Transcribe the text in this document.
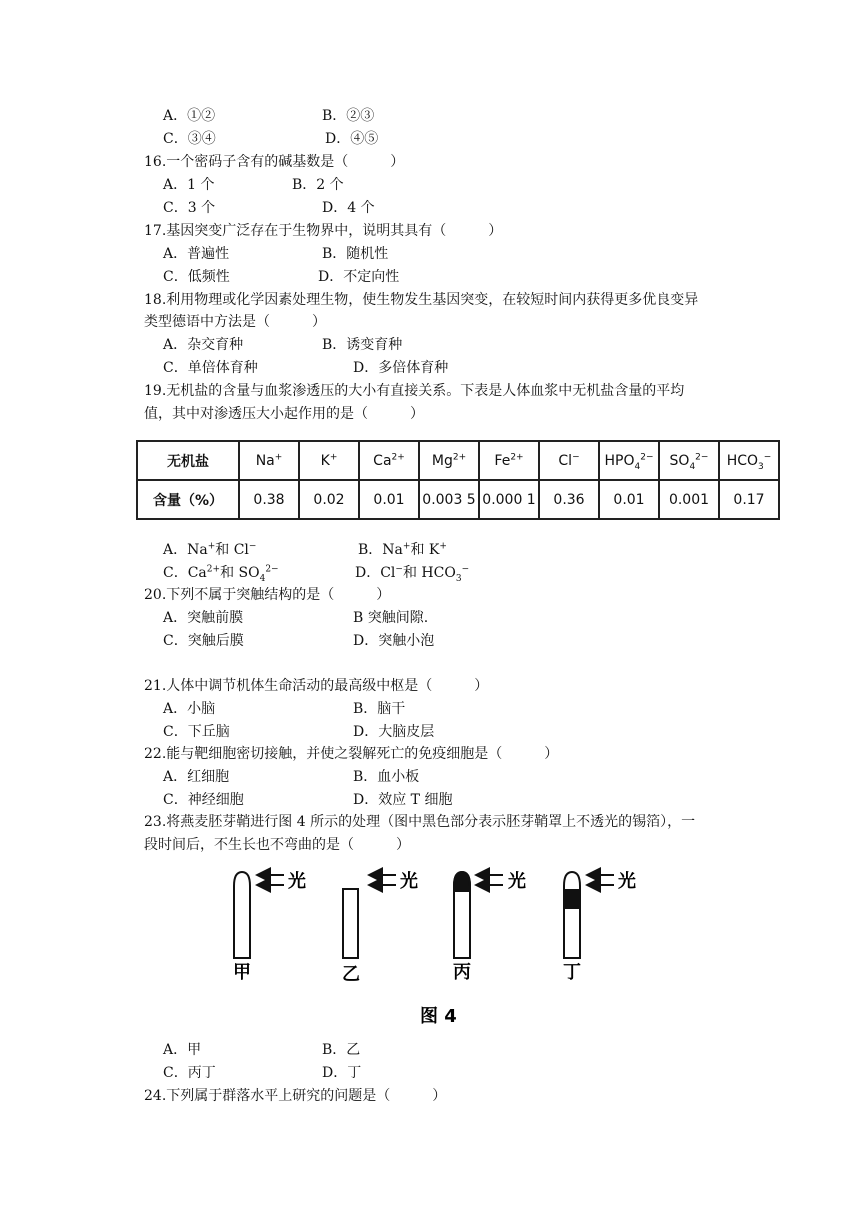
A．①②	B．②③
C．③④	D．④⑤
16.一个密码子含有的碱基数是（　　　）
A．1 个	B．2 个
C．3 个	D．4 个
17.基因突变广泛存在于生物界中，说明其具有（　　　）
A．普遍性	B．随机性
C．低频性	D．不定向性
18.利用物理或化学因素处理生物，使生物发生基因突变，在较短时间内获得更多优良变异
类型德语中方法是（　　　）
A．杂交育种	B．诱变育种
C．单倍体育种	D．多倍体育种
19.无机盐的含量与血浆渗透压的大小有直接关系。下表是人体血浆中无机盐含量的平均
值，其中对渗透压大小起作用的是（　　　）
无机盐	Na+	K+	$Ca^{2+}$	$Mg^{2+}$	$Fe^{2+}$	Cl−	$HPO_4^{2-}$	$SO_4^{2-}$	$HCO_3^-$
含量（%）	0.38	0.02	0.01	0.003 5	0.000 1	0.36	0.01	0.001	0.17
A．Na+和 Cl−	B．Na+和 K+
C．$Ca^{2+}$和 $SO_4^{2-}$	D．Cl−和 $HCO_3^-$
20.下列不属于突触结构的是（　　　）
A．突触前膜	B 突触间隙.
C．突触后膜	D．突触小泡
21.人体中调节机体生命活动的最高级中枢是（　　　）
A．小脑	B．脑干
C．下丘脑	D．大脑皮层
22.能与靶细胞密切接触，并使之裂解死亡的免疫细胞是（　　　）
A．红细胞	B．血小板
C．神经细胞	D．效应 T 细胞
23.将燕麦胚芽鞘进行图 4 所示的处理（图中黑色部分表示胚芽鞘罩上不透光的锡箔），一
段时间后，不生长也不弯曲的是（　　　）
光
甲
光
乙
光
丙
光
丁
图 4
A．甲	B．乙
C．丙丁	D．丁
24.下列属于群落水平上研究的问题是（　　　）
